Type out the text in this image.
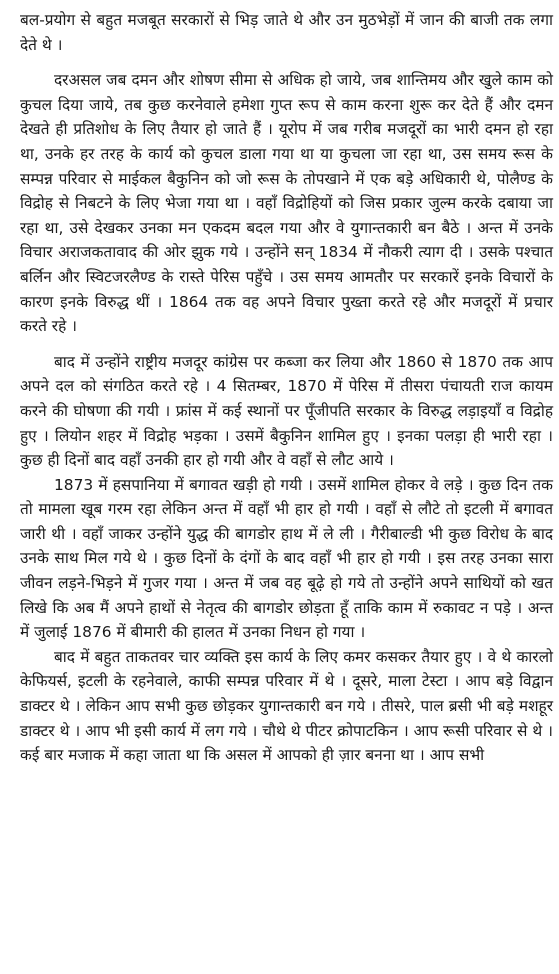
बल-प्रयोग से बहुत मजबूत सरकारों से भिड़ जाते थे और उन मुठभेड़ों में जान की बाजी तक लगा देते थे ।

दरअसल जब दमन और शोषण सीमा से अधिक हो जाये, जब शान्तिमय और खुले काम को कुचल दिया जाये, तब कुछ करनेवाले हमेशा गुप्त रूप से काम करना शुरू कर देते हैं और दमन देखते ही प्रतिशोध के लिए तैयार हो जाते हैं । यूरोप में जब गरीब मजदूरों का भारी दमन हो रहा था, उनके हर तरह के कार्य को कुचल डाला गया था या कुचला जा रहा था, उस समय रूस के सम्पन्न परिवार से माईकल बैकुनिन को जो रूस के तोपखाने में एक बड़े अधिकारी थे, पोलैण्ड के विद्रोह से निबटने के लिए भेजा गया था । वहाँ विद्रोहियों को जिस प्रकार जुल्म करके दबाया जा रहा था, उसे देखकर उनका मन एकदम बदल गया और वे युगान्तकारी बन बैठे । अन्त में उनके विचार अराजकतावाद की ओर झुक गये । उन्होंने सन् 1834 में नौकरी त्याग दी । उसके पश्चात बर्लिन और स्विटजरलैण्ड के रास्ते पेरिस पहुँचे । उस समय आमतौर पर सरकारें इनके विचारों के कारण इनके विरुद्ध थीं । 1864 तक वह अपने विचार पुख्ता करते रहे और मजदूरों में प्रचार करते रहे ।

बाद में उन्होंने राष्ट्रीय मजदूर कांग्रेस पर कब्जा कर लिया और 1860 से 1870 तक आप अपने दल को संगठित करते रहे । 4 सितम्बर, 1870 में पेरिस में तीसरा पंचायती राज कायम करने की घोषणा की गयी । फ्रांस में कई स्थानों पर पूँजीपति सरकार के विरुद्ध लड़ाइयाँ व विद्रोह हुए । लियोन शहर में विद्रोह भड़का । उसमें बैकुनिन शामिल हुए । इनका पलड़ा ही भारी रहा । कुछ ही दिनों बाद वहाँ उनकी हार हो गयी और वे वहाँ से लौट आये ।

1873 में हसपानिया में बगावत खड़ी हो गयी । उसमें शामिल होकर वे लड़े । कुछ दिन तक तो मामला खूब गरम रहा लेकिन अन्त में वहाँ भी हार हो गयी । वहाँ से लौटे तो इटली में बगावत जारी थी । वहाँ जाकर उन्होंने युद्ध की बागडोर हाथ में ले ली । गैरीबाल्डी भी कुछ विरोध के बाद उनके साथ मिल गये थे । कुछ दिनों के दंगों के बाद वहाँ भी हार हो गयी । इस तरह उनका सारा जीवन लड़ने-भिड़ने में गुजर गया । अन्त में जब वह बूढ़े हो गये तो उन्होंने अपने साथियों को खत लिखे कि अब मैं अपने हाथों से नेतृत्व की बागडोर छोड़ता हूँ ताकि काम में रुकावट न पड़े । अन्त में जुलाई 1876 में बीमारी की हालत में उनका निधन हो गया ।

बाद में बहुत ताकतवर चार व्यक्ति इस कार्य के लिए कमर कसकर तैयार हुए । वे थे कारलो केफियर्स, इटली के रहनेवाले, काफी सम्पन्न परिवार में थे । दूसरे, माला टेस्टा । आप बड़े विद्वान डाक्टर थे । लेकिन आप सभी कुछ छोड़कर युगान्तकारी बन गये । तीसरे, पाल ब्रसी भी बड़े मशहूर डाक्टर थे । आप भी इसी कार्य में लग गये । चौथे थे पीटर क्रोपाटकिन । आप रूसी परिवार से थे । कई बार मजाक में कहा जाता था कि असल में आपको ही ज़ार बनना था । आप सभी
